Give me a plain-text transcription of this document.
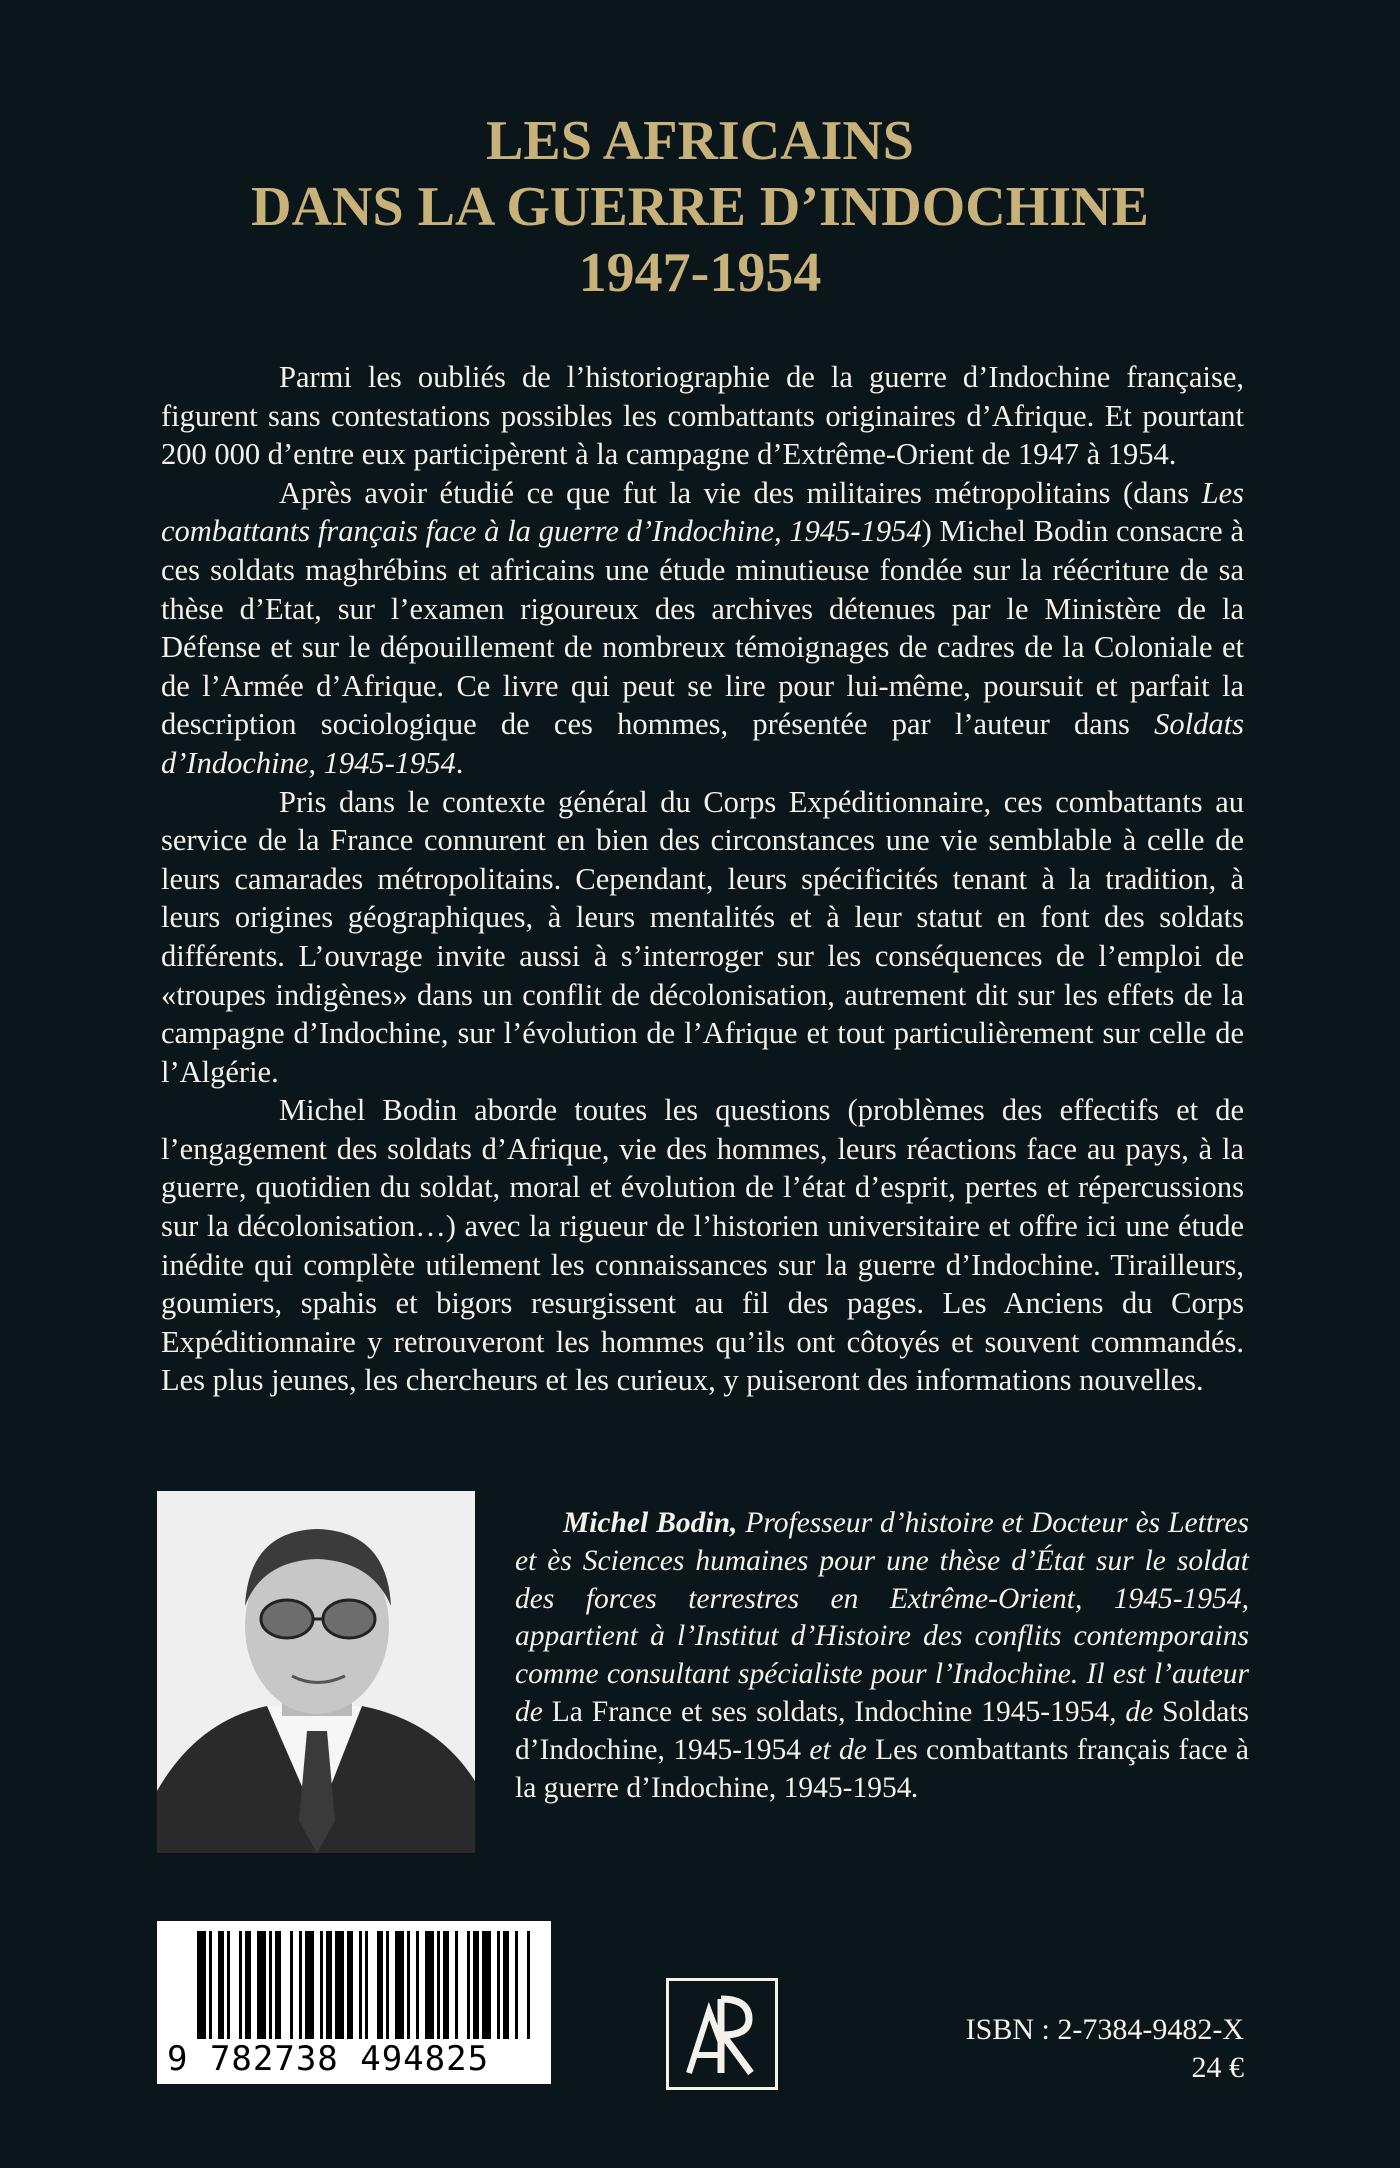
LES AFRICAINS
DANS LA GUERRE D’INDOCHINE
1947-1954

Parmi les oubliés de l’historiographie de la guerre d’Indochine française, figurent sans contestations possibles les combattants originaires d’Afrique. Et pourtant 200 000 d’entre eux participèrent à la campagne d’Extrême-Orient de 1947 à 1954.

Après avoir étudié ce que fut la vie des militaires métropolitains (dans Les combattants français face à la guerre d’Indochine, 1945-1954) Michel Bodin consacre à ces soldats maghrébins et africains une étude minutieuse fondée sur la réécriture de sa thèse d’Etat, sur l’examen rigoureux des archives détenues par le Ministère de la Défense et sur le dépouillement de nombreux témoignages de cadres de la Coloniale et de l’Armée d’Afrique. Ce livre qui peut se lire pour lui-même, poursuit et parfait la description sociologique de ces hommes, présentée par l’auteur dans Soldats d’Indochine, 1945-1954.

Pris dans le contexte général du Corps Expéditionnaire, ces combattants au service de la France connurent en bien des circonstances une vie semblable à celle de leurs camarades métropolitains. Cependant, leurs spécificités tenant à la tradition, à leurs origines géographiques, à leurs mentalités et à leur statut en font des soldats différents. L’ouvrage invite aussi à s’interroger sur les conséquences de l’emploi de «troupes indigènes» dans un conflit de décolonisation, autrement dit sur les effets de la campagne d’Indochine, sur l’évolution de l’Afrique et tout particulièrement sur celle de l’Algérie.

Michel Bodin aborde toutes les questions (problèmes des effectifs et de l’engagement des soldats d’Afrique, vie des hommes, leurs réactions face au pays, à la guerre, quotidien du soldat, moral et évolution de l’état d’esprit, pertes et répercussions sur la décolonisation…) avec la rigueur de l’historien universitaire et offre ici une étude inédite qui complète utilement les connaissances sur la guerre d’Indochine. Tirailleurs, goumiers, spahis et bigors resurgissent au fil des pages. Les Anciens du Corps Expéditionnaire y retrouveront les hommes qu’ils ont côtoyés et souvent commandés. Les plus jeunes, les chercheurs et les curieux, y puiseront des informations nouvelles.

Michel Bodin, Professeur d’histoire et Docteur ès Lettres et ès Sciences humaines pour une thèse d’État sur le soldat des forces terrestres en Extrême-Orient, 1945-1954, appartient à l’Institut d’Histoire des conflits contemporains comme consultant spécialiste pour l’Indochine. Il est l’auteur de La France et ses soldats, Indochine 1945-1954, de Soldats d’Indochine, 1945-1954 et de Les combattants français face à la guerre d’Indochine, 1945-1954.
9 782738 494825
ISBN : 2-7384-9482-X
24 €
